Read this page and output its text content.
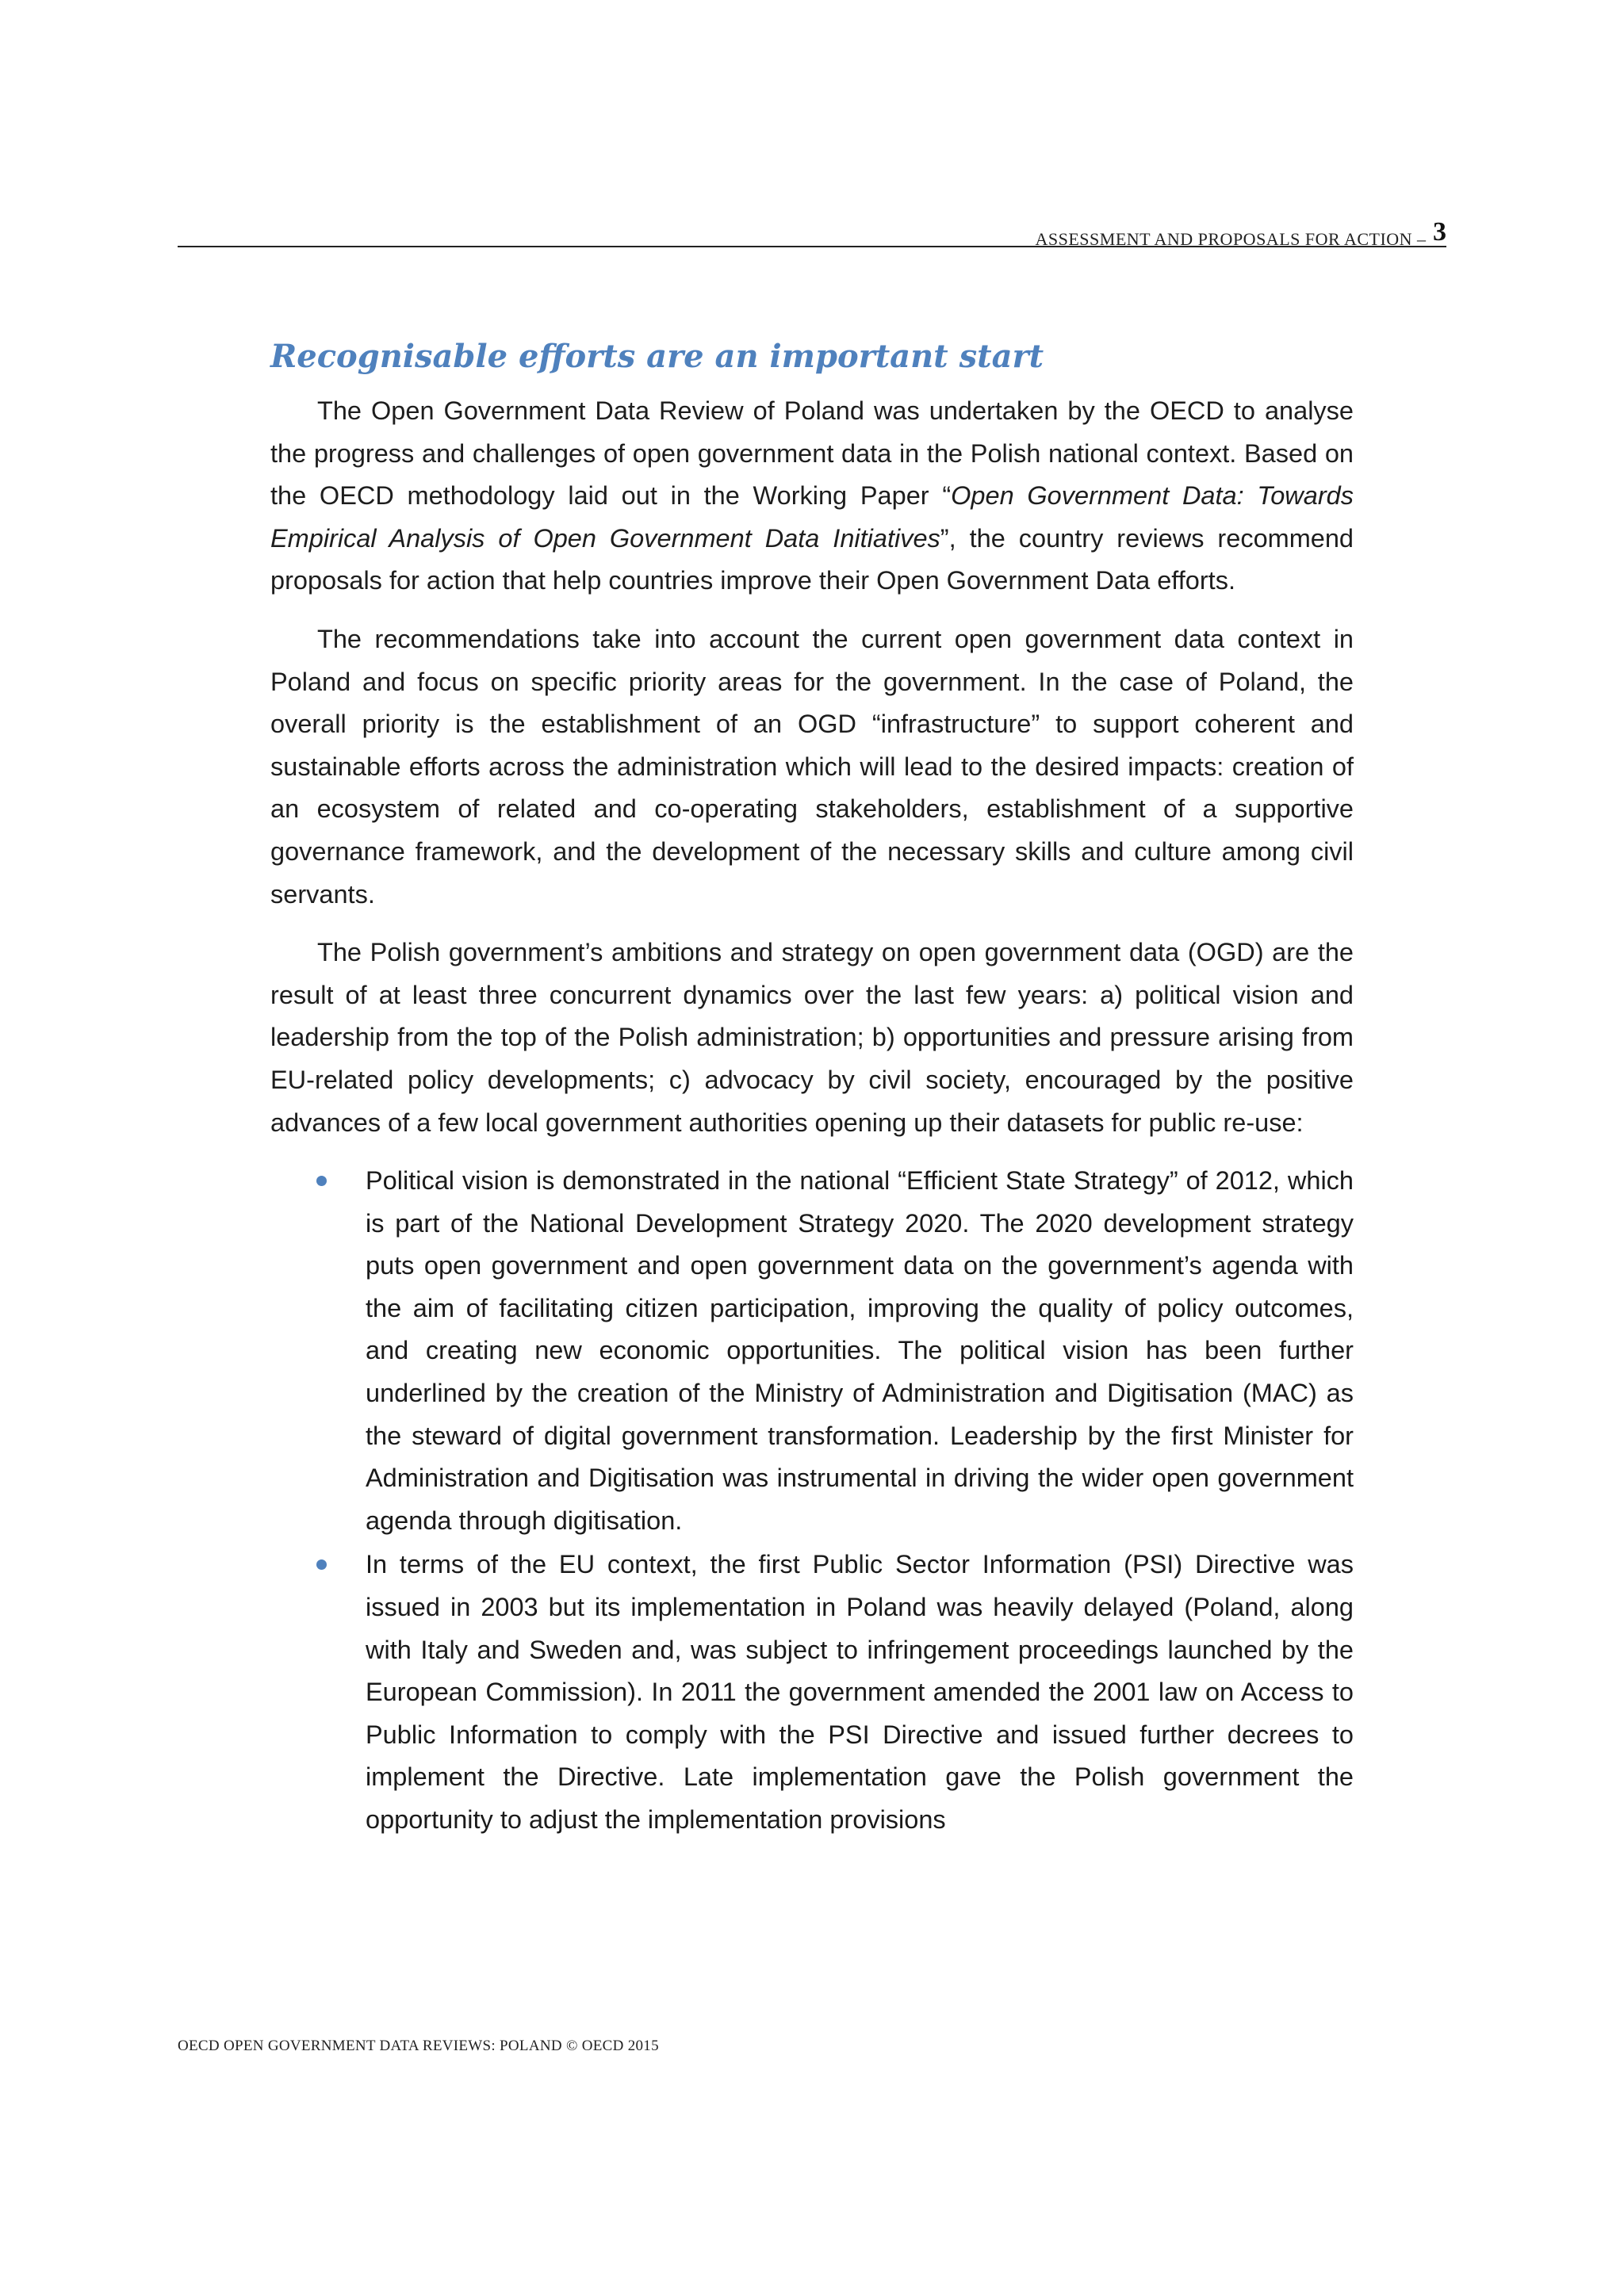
ASSESSMENT AND PROPOSALS FOR ACTION – 3
Recognisable efforts are an important start

The Open Government Data Review of Poland was undertaken by the OECD to analyse the progress and challenges of open government data in the Polish national context. Based on the OECD methodology laid out in the Working Paper “Open Government Data: Towards Empirical Analysis of Open Government Data Initiatives”, the country reviews recommend proposals for action that help countries improve their Open Government Data efforts.

The recommendations take into account the current open government data context in Poland and focus on specific priority areas for the government. In the case of Poland, the overall priority is the establishment of an OGD “infrastructure” to support coherent and sustainable efforts across the administration which will lead to the desired impacts: creation of an ecosystem of related and co-operating stakeholders, establishment of a supportive governance framework, and the development of the necessary skills and culture among civil servants.

The Polish government’s ambitions and strategy on open government data (OGD) are the result of at least three concurrent dynamics over the last few years: a) political vision and leadership from the top of the Polish administration; b) opportunities and pressure arising from EU-related policy developments; c) advocacy by civil society, encouraged by the positive advances of a few local government authorities opening up their datasets for public re-use:

Political vision is demonstrated in the national “Efficient State Strategy” of 2012, which is part of the National Development Strategy 2020. The 2020 development strategy puts open government and open government data on the government’s agenda with the aim of facilitating citizen participation, improving the quality of policy outcomes, and creating new economic opportunities. The political vision has been further underlined by the creation of the Ministry of Administration and Digitisation (MAC) as the steward of digital government transformation. Leadership by the first Minister for Administration and Digitisation was instrumental in driving the wider open government agenda through digitisation.
In terms of the EU context, the first Public Sector Information (PSI) Directive was issued in 2003 but its implementation in Poland was heavily delayed (Poland, along with Italy and Sweden and, was subject to infringement proceedings launched by the European Commission). In 2011 the government amended the 2001 law on Access to Public Information to comply with the PSI Directive and issued further decrees to implement the Directive. Late implementation gave the Polish government the opportunity to adjust the implementation provisions
OECD OPEN GOVERNMENT DATA REVIEWS: POLAND © OECD 2015
